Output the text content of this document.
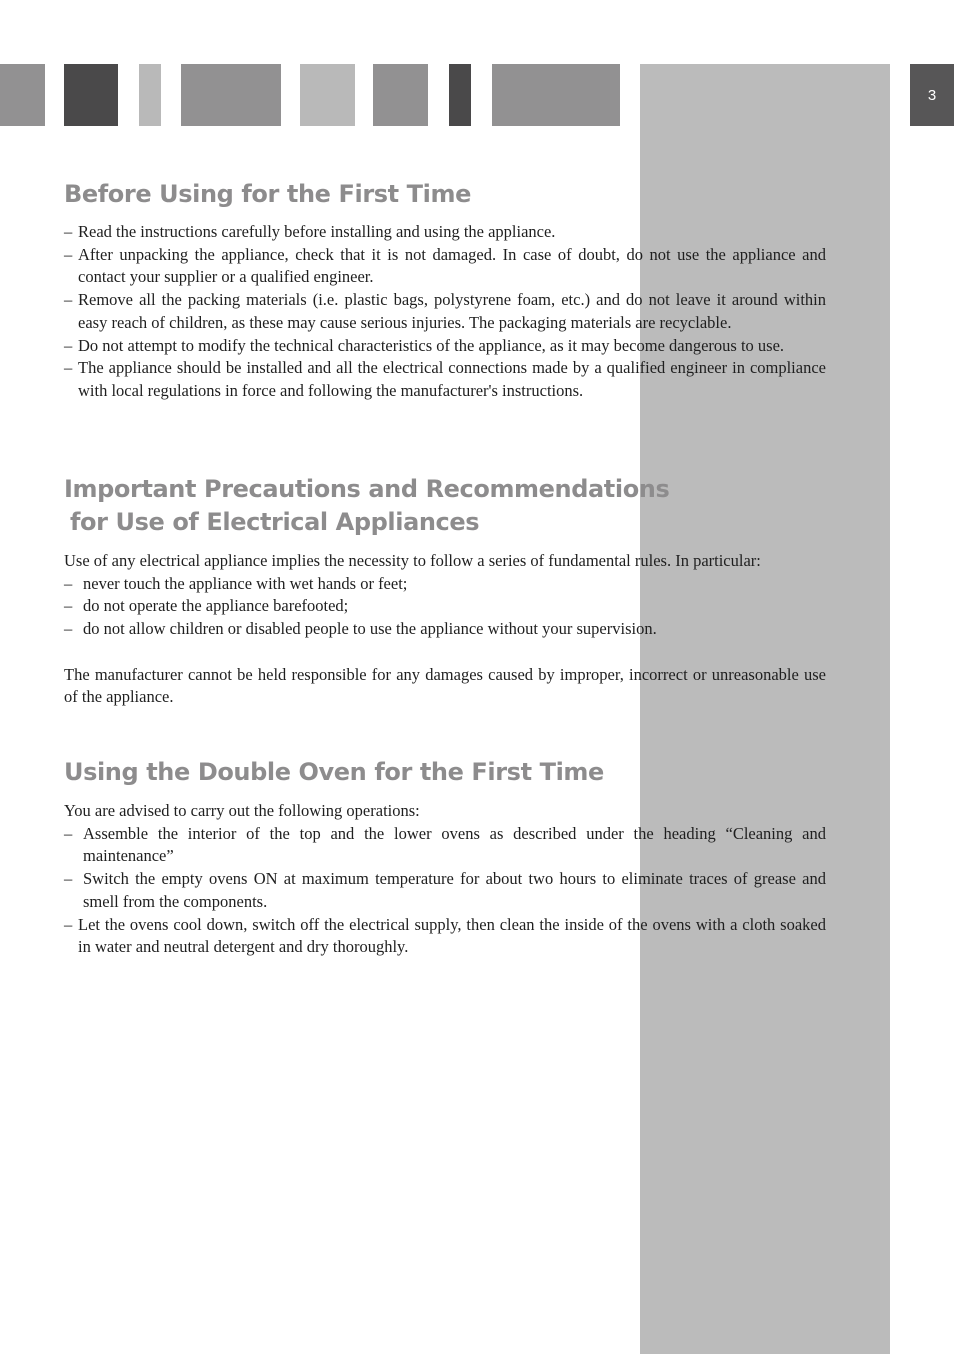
3
Before Using for the First Time
– Read the instructions carefully before installing and using the appliance.
– After unpacking the appliance, check that it is not damaged. In case of doubt, do not use the appliance and contact your supplier or a qualified engineer.
– Remove all the packing materials (i.e. plastic bags, polystyrene foam, etc.) and do not leave it around within easy reach of children, as these may cause serious injuries. The packaging materials are recyclable.
– Do not attempt to modify the technical characteristics of the appliance, as it may become dangerous to use.
– The appliance should be installed and all the electrical connections made by a qualified engineer in compliance with local regulations in force and following the manufacturer's instructions.
Important Precautions and Recommendations
for Use of Electrical Appliances

Use of any electrical appliance implies the necessity to follow a series of fundamental rules. In particular:

– never touch the appliance with wet hands or feet;
– do not operate the appliance barefooted;
– do not allow children or disabled people to use the appliance without your supervision.

The manufacturer cannot be held responsible for any damages caused by improper, incorrect or unreasonable use of the appliance.

Using the Double Oven for the First Time

You are advised to carry out the following operations:

– Assemble the interior of the top and the lower ovens as described under the heading “Cleaning and maintenance”
– Switch the empty ovens ON at maximum temperature for about two hours to eliminate traces of grease and smell from the components.
– Let the ovens cool down, switch off the electrical supply, then clean the inside of the ovens with a cloth soaked in water and neutral detergent and dry thoroughly.
